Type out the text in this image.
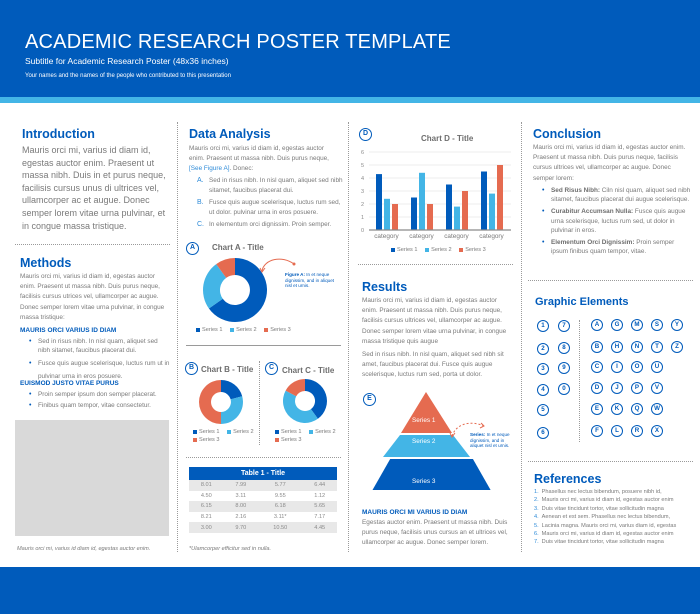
ACADEMIC RESEARCH POSTER TEMPLATE
Subtitle for Academic Research Poster (48x36 inches)
Your names and the names of the people who contributed to this presentation
Introduction
Mauris orci mi, varius id diam id, egestas auctor enim. Praesent ut massa nibh. Duis in et purus neque, facilisis cursus unus di ultrices vel, ullamcorper ac et augue. Donec semper lorem vitae urna pulvinar, et in congue massa tristique.
Methods
Mauris orci mi, varius id diam id, egestas auctor enim. Praesent ut massa nibh. Duis purus neque, facilisis cursus utrices vel, ullamcorper ac augue. Donec semper lorem vitae urna pulvinar, in congue massa tristique:
MAURIS ORCI VARIUS ID DIAM
• Sed in risus nibh. In nisl quam, aliquet sed nibh sitamet, faucibus placerat dui.
• Fusce quis augue scelerisque, luctus rum ut in pulvinar urna in eros posuere.
EUISMOD JUSTO VITAE PURUS
• Proin semper ipsum don semper placerat.
• Finibus quam tempor, vitae consectetur.
Mauris orci mi, varius id diam id, egestas auctor enim.
Data Analysis
Mauris orci mi, varius id diam id, egestas auctor enim. Praesent ut massa nibh. Duis purus neque, [See Figure A]. Donec:
A. Sed in risus nibh. In nisl quam, aliquet sed nibh sitamet, faucibus placerat dui.
B. Fusce quis augue scelerisque, luctus rum sed, ut dolor. pulvinar urna in eros posuere.
C. In elementum orci dignissim. Proin semper.
A	Chart A - Title
Figure A: In et neque dignissim, and in aliquet nisl et urnis.
Series 1 Series 2 Series 3
B Chart B - Title
Series 1 Series 2
Series 3
C Chart C - Title
Series 1 Series 2
Series 3
Table 1 - Title			
8.01	7.99	5.77	6.44
4.50	3.11	9.55	1.12
6.15	8.00	6.18	5.65
8.21	2.16	3.11*	7.17
3.00	9.70	10.50	4.45
*Ulamcorper efficitur sed in nulla.
D
Chart D - Title
6
5
4
3
2
1
0
category category category category
Series 1 Series 2 Series 3
Results
Mauris orci mi, varius id diam id, egestas auctor enim. Praesent ut massa nibh. Duis purus neque, facilisis cursus ultrices vel, ullamcorper ac augue. Donec semper lorem vitae urna pulvinar, in congue massa tristique quis augue
Sed in risus nibh. In nisl quam, aliquet sed nibh sit amet, faucibus placerat dui. Fusce quis augue scelerisque, luctus rum sed, porta ut dolor.
E
Series 1
Series 2
Series 3
Series: In et neque dignissim, and in aliquet nisl et urnis.
MAURIS ORCI MI VARIUS ID DIAM
Egestas auctor enim. Praesent ut massa nibh. Duis purus neque, facilisis unus cursus an et ultrices vel, ullamcorper ac augue. Donec semper lorem.
Conclusion
Mauris orci mi, varius id diam id, egestas auctor enim. Praesent ut massa nibh. Duis purus neque, facilisis cursus ultrices vel, ullamcorper ac augue. Donec semper lorem:
• Sed Risus Nibh: Ciln nisl quam, aliquet sed nibh sitamet, faucibus placerat dui augue scelerisque.
• Curabitur Accumsan Nulla: Fusce quis augue urna scelerisque, luctus rum sed, ut dolor in pulvinar in eros.
• Elementum Orci Dignissim: Proin semper ipsum finibus quam tempor, vitae.
Graphic Elements
1	7
2	8
3	9
4	0
5
6
A	G	M	S	Y
B	H	N	T	Z
C	I	O	U
D	J	P	V
E	K	Q	W
F	L	R	X
References
1. Phasellus nec lectus bibendum, posuere nibh id,
2. Mauris orci mi, varius id diam id, egestas auctor enim
3. Duis vitae tincidunt tortor, vitae sollicitudin magna
4. Aenean et est sem. Phasellus nec lectus bibendum,
5. Lacinia magna. Mauris orci mi, varius diam id, egestas
6. Mauris orci mi, varius id diam id, egestas auctor enim
7. Duis vitae tincidunt tortor, vitae sollicitudin magna
